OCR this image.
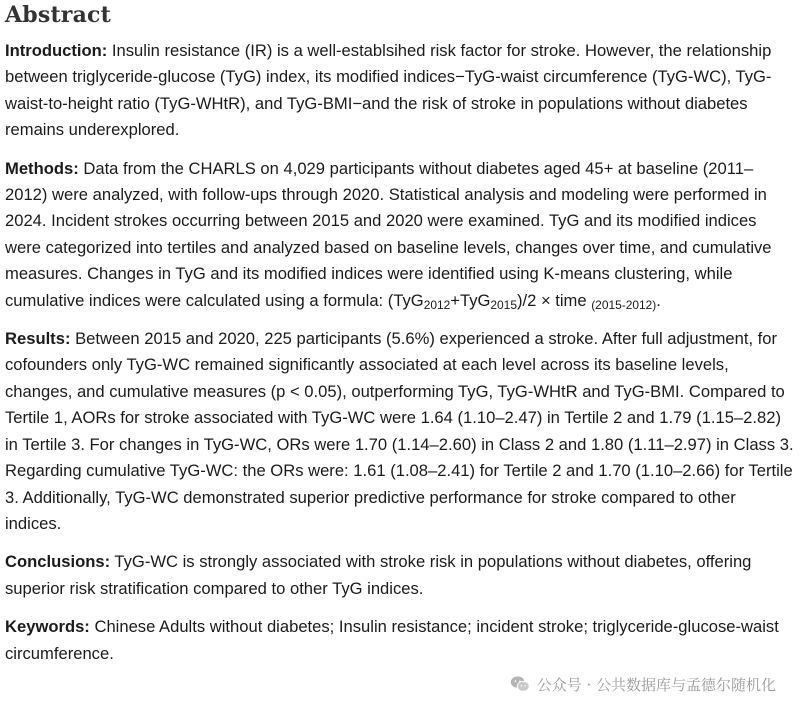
Abstract

Introduction: Insulin resistance (IR) is a well-establsihed risk factor for stroke. However, the relationship between triglyceride-glucose (TyG) index, its modified indices−TyG-waist circumference (TyG-WC), TyG-waist-to-height ratio (TyG-WHtR), and TyG-BMI−and the risk of stroke in populations without diabetes remains underexplored.

Methods: Data from the CHARLS on 4,029 participants without diabetes aged 45+ at baseline (2011–2012) were analyzed, with follow-ups through 2020. Statistical analysis and modeling were performed in 2024. Incident strokes occurring between 2015 and 2020 were examined. TyG and its modified indices were categorized into tertiles and analyzed based on baseline levels, changes over time, and cumulative measures. Changes in TyG and its modified indices were identified using K-means clustering, while cumulative indices were calculated using a formula: (TyG$_{2012}$+TyG$_{2015}$)/2 × time $_{(2015-2012)}$.

Results: Between 2015 and 2020, 225 participants (5.6%) experienced a stroke. After full adjustment, for cofounders only TyG-WC remained significantly associated at each level across its baseline levels, changes, and cumulative measures (p < 0.05), outperforming TyG, TyG-WHtR and TyG-BMI. Compared to Tertile 1, AORs for stroke associated with TyG-WC were 1.64 (1.10–2.47) in Tertile 2 and 1.79 (1.15–2.82) in Tertile 3. For changes in TyG-WC, ORs were 1.70 (1.14–2.60) in Class 2 and 1.80 (1.11–2.97) in Class 3. Regarding cumulative TyG-WC: the ORs were: 1.61 (1.08–2.41) for Tertile 2 and 1.70 (1.10–2.66) for Tertile 3. Additionally, TyG-WC demonstrated superior predictive performance for stroke compared to other indices.

Conclusions: TyG-WC is strongly associated with stroke risk in populations without diabetes, offering superior risk stratification compared to other TyG indices.

Keywords: Chinese Adults without diabetes; Insulin resistance; incident stroke; triglyceride-glucose-waist circumference.

公众号 · 公共数据库与孟德尔随机化
